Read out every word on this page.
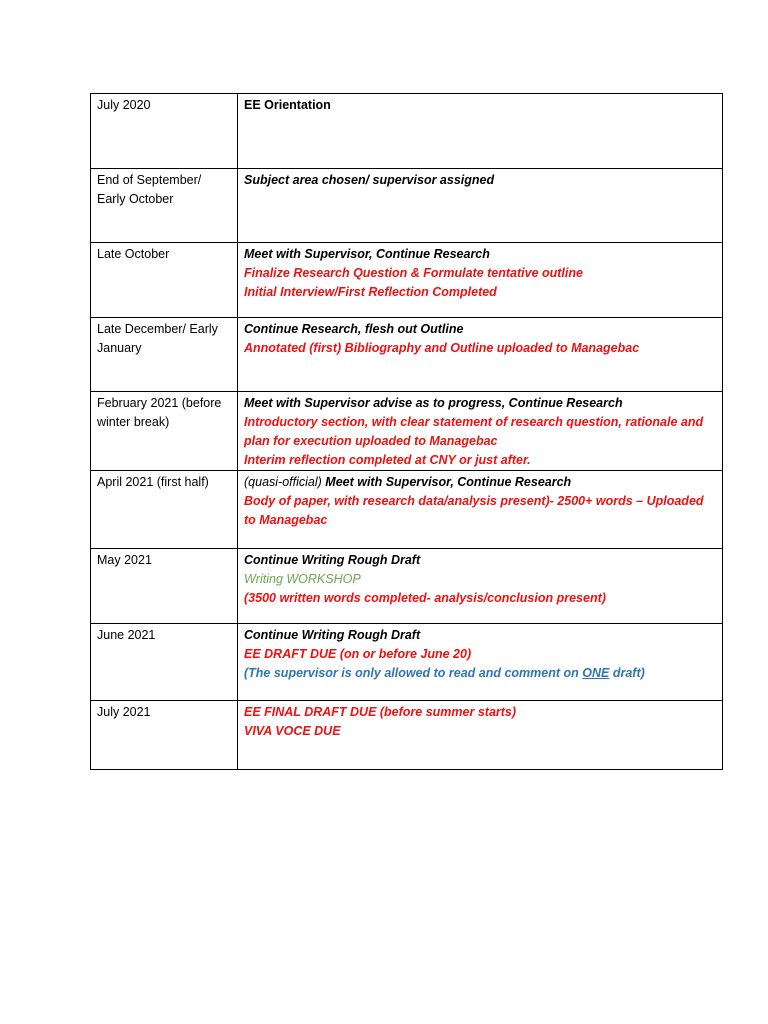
July 2020	EE Orientation

End of September/ Early October	Subject area chosen/ supervisor assigned

Late October	Meet with Supervisor, Continue Research
Finalize Research Question & Formulate tentative outline
Initial Interview/First Reflection Completed

Late December/ Early January	Continue Research, flesh out Outline
Annotated (first) Bibliography and Outline uploaded to Managebac

February 2021 (before winter break)	Meet with Supervisor advise as to progress, Continue Research
Introductory section, with clear statement of research question, rationale and plan for execution uploaded to Managebac
Interim reflection completed at CNY or just after.

April 2021 (first half)	(quasi-official) Meet with Supervisor, Continue Research
Body of paper, with research data/analysis present)- 2500+ words – Uploaded to Managebac

May 2021	Continue Writing Rough Draft
Writing WORKSHOP
(3500 written words completed- analysis/conclusion present)

June 2021	Continue Writing Rough Draft
EE DRAFT DUE (on or before June 20)
(The supervisor is only allowed to read and comment on ONE draft)

July 2021	EE FINAL DRAFT DUE (before summer starts)
VIVA VOCE DUE
